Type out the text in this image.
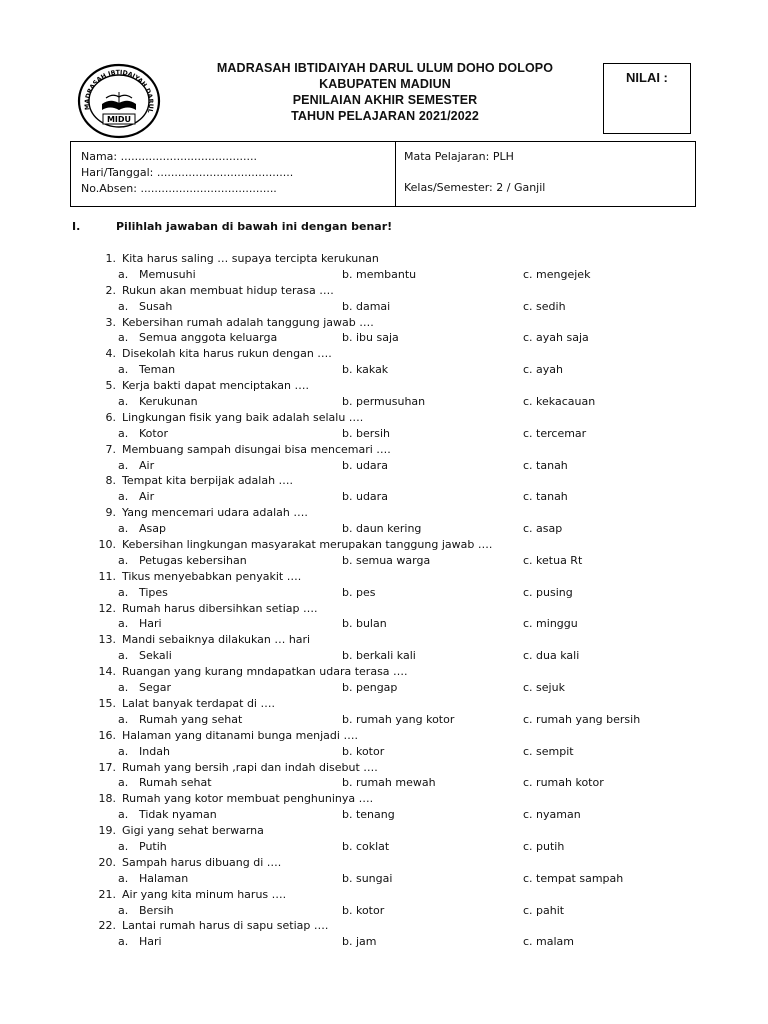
MADRASAH IBTIDAIYAH DARUL
MIDU
MADRASAH IBTIDAIYAH DARUL ULUM DOHO DOLOPO
KABUPATEN MADIUN
PENILAIAN AKHIR SEMESTER
TAHUN PELAJARAN 2021/2022
NILAI :
Nama: .......................................
Hari/Tanggal: .......................................
No.Absen: .......................................
Mata Pelajaran: PLH
Kelas/Semester: 2 / Ganjil
I.	Pilihlah jawaban di bawah ini dengan benar!
1. Kita harus saling … supaya tercipta kerukunan
a. Memusuhi	b. membantu	c. mengejek
2. Rukun akan membuat hidup terasa ….
a. Susah	b. damai	c. sedih
3. Kebersihan rumah adalah tanggung jawab ….
a. Semua anggota keluarga	b. ibu saja	c. ayah saja
4. Disekolah kita harus rukun dengan ….
a. Teman	b. kakak	c. ayah
5. Kerja bakti dapat menciptakan ….
a. Kerukunan	b. permusuhan	c. kekacauan
6. Lingkungan fisik yang baik adalah selalu ….
a. Kotor	b. bersih	c. tercemar
7. Membuang sampah disungai bisa mencemari ….
a. Air	b. udara	c. tanah
8. Tempat kita berpijak adalah ….
a. Air	b. udara	c. tanah
9. Yang mencemari udara adalah ….
a. Asap	b. daun kering	c. asap
10. Kebersihan lingkungan masyarakat merupakan tanggung jawab ….
a. Petugas kebersihan	b. semua warga	c. ketua Rt
11. Tikus menyebabkan penyakit ….
a. Tipes	b. pes	c. pusing
12. Rumah harus dibersihkan setiap ….
a. Hari	b. bulan	c. minggu
13. Mandi sebaiknya dilakukan … hari
a. Sekali	b. berkali kali	c. dua kali
14. Ruangan yang kurang mndapatkan udara terasa ….
a. Segar	b. pengap	c. sejuk
15. Lalat banyak terdapat di ….
a. Rumah yang sehat	b. rumah yang kotor	c. rumah yang bersih
16. Halaman yang ditanami bunga menjadi ….
a. Indah	b. kotor	c. sempit
17. Rumah yang bersih ,rapi dan indah disebut ….
a. Rumah sehat	b. rumah mewah	c. rumah kotor
18. Rumah yang kotor membuat penghuninya ….
a. Tidak nyaman	b. tenang	c. nyaman
19. Gigi yang sehat berwarna
a. Putih	b. coklat	c. putih
20. Sampah harus dibuang di ….
a. Halaman	b. sungai	c. tempat sampah
21. Air yang kita minum harus ….
a. Bersih	b. kotor	c. pahit
22. Lantai rumah harus di sapu setiap ….
a. Hari	b. jam	c. malam
